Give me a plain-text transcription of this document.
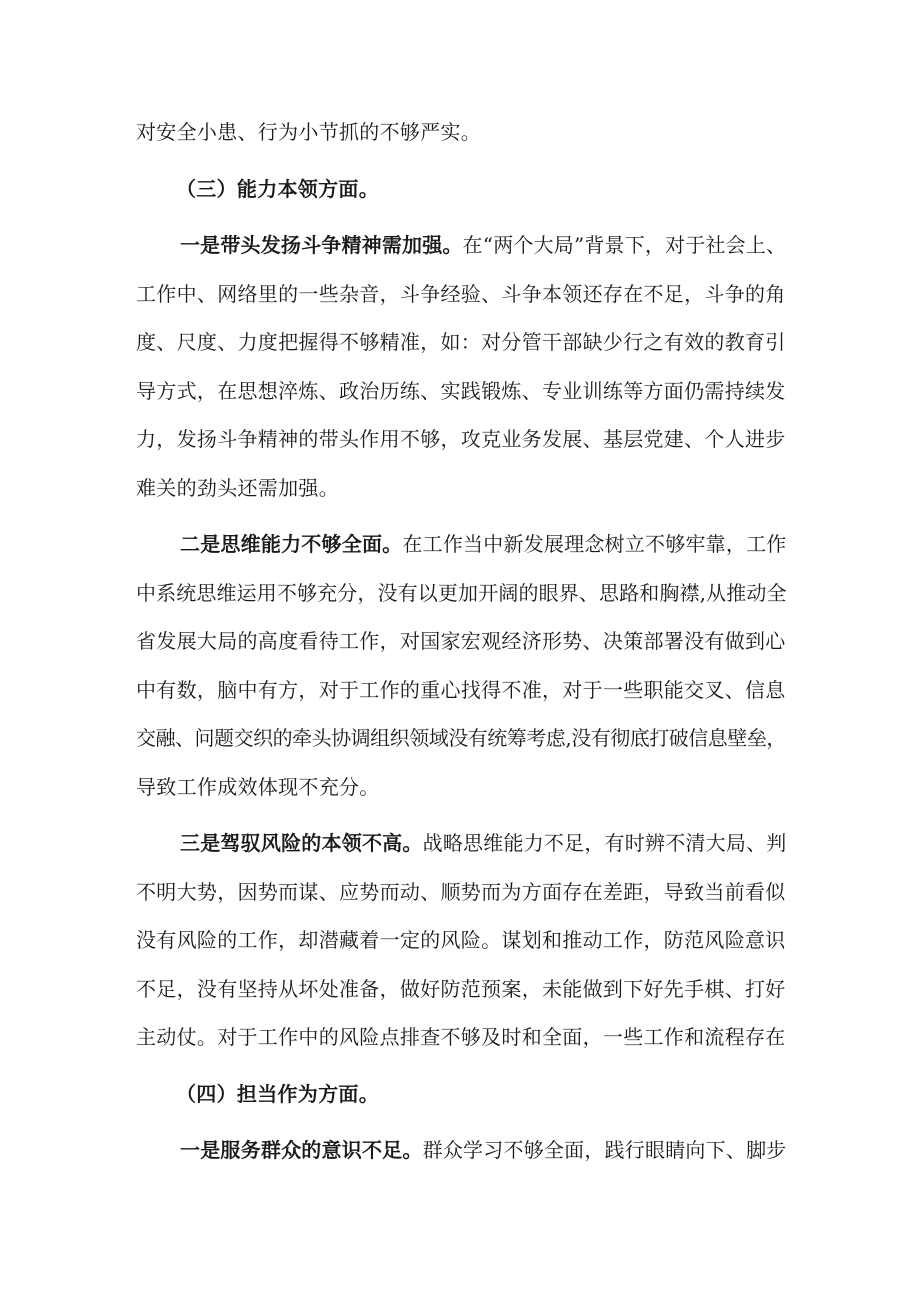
对安全小患、行为小节抓的不够严实。
（三）能力本领方面。
一是带头发扬斗争精神需加强。在“两个大局”背景下，对于社会上、
工作中、网络里的一些杂音，斗争经验、斗争本领还存在不足，斗争的角
度、尺度、力度把握得不够精准，如：对分管干部缺少行之有效的教育引
导方式，在思想淬炼、政治历练、实践锻炼、专业训练等方面仍需持续发
力，发扬斗争精神的带头作用不够，攻克业务发展、基层党建、个人进步
难关的劲头还需加强。
二是思维能力不够全面。在工作当中新发展理念树立不够牢靠，工作
中系统思维运用不够充分，没有以更加开阔的眼界、思路和胸襟,从推动全
省发展大局的高度看待工作，对国家宏观经济形势、决策部署没有做到心
中有数，脑中有方，对于工作的重心找得不准，对于一些职能交叉、信息
交融、问题交织的牵头协调组织领域没有统筹考虑,没有彻底打破信息壁垒，
导致工作成效体现不充分。
三是驾驭风险的本领不高。战略思维能力不足，有时辨不清大局、判
不明大势，因势而谋、应势而动、顺势而为方面存在差距，导致当前看似
没有风险的工作，却潜藏着一定的风险。谋划和推动工作，防范风险意识
不足，没有坚持从坏处准备，做好防范预案，未能做到下好先手棋、打好
主动仗。对于工作中的风险点排查不够及时和全面，一些工作和流程存在
（四）担当作为方面。
一是服务群众的意识不足。群众学习不够全面，践行眼睛向下、脚步
